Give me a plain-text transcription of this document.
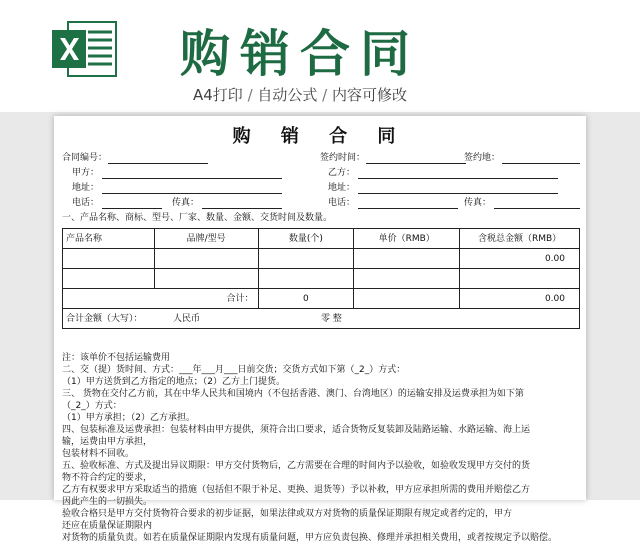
购销合同
A4打印 / 自动公式 / 内容可修改
购 销 合 同
合同编号：	签约时间：	签约地：
甲方：	乙方：
地址：	地址：
电话：	传真：	电话：	传真：
一、产品名称、商标、型号、厂家、数量、金额、交货时间及数量。
产品名称	品牌/型号	数量(个)	单价（RMB）	含税总金额（RMB）
				0.00

合计：		0		0.00
合计金额（大写）： 人民币 零 整				
注：该单价不包括运输费用
二、交（提）货时间、方式：___年___月___日前交货；交货方式如下第（_2_）方式：
（1）甲方送货到乙方指定的地点；（2）乙方上门提货。
三、 货物在交付乙方前，其在中华人民共和国境内（不包括香港、澳门、台湾地区）的运输安排及运费承担为如下第
（_2_）方式：
（1）甲方承担；（2）乙方承担。
四、包装标准及运费承担：包装材料由甲方提供，须符合出口要求，适合货物反复装卸及陆路运输、水路运输、海上运
输，运费由甲方承担，
包装材料不回收。
五、验收标准、方式及提出异议期限：甲方交付货物后，乙方需要在合理的时间内予以验收，如验收发现甲方交付的货
物不符合约定的要求，
乙方有权要求甲方采取适当的措施（包括但不限于补足、更换、退货等）予以补救，甲方应承担所需的费用并赔偿乙方
因此产生的一切损失。
验收合格只是甲方交付货物符合要求的初步证据，如果法律或双方对货物的质量保证期限有规定或者约定的，甲方
还应在质量保证期限内
对货物的质量负责。如若在质量保证期限内发现有质量问题，甲方应负责包换、修理并承担相关费用，或者按规定予以赔偿。
